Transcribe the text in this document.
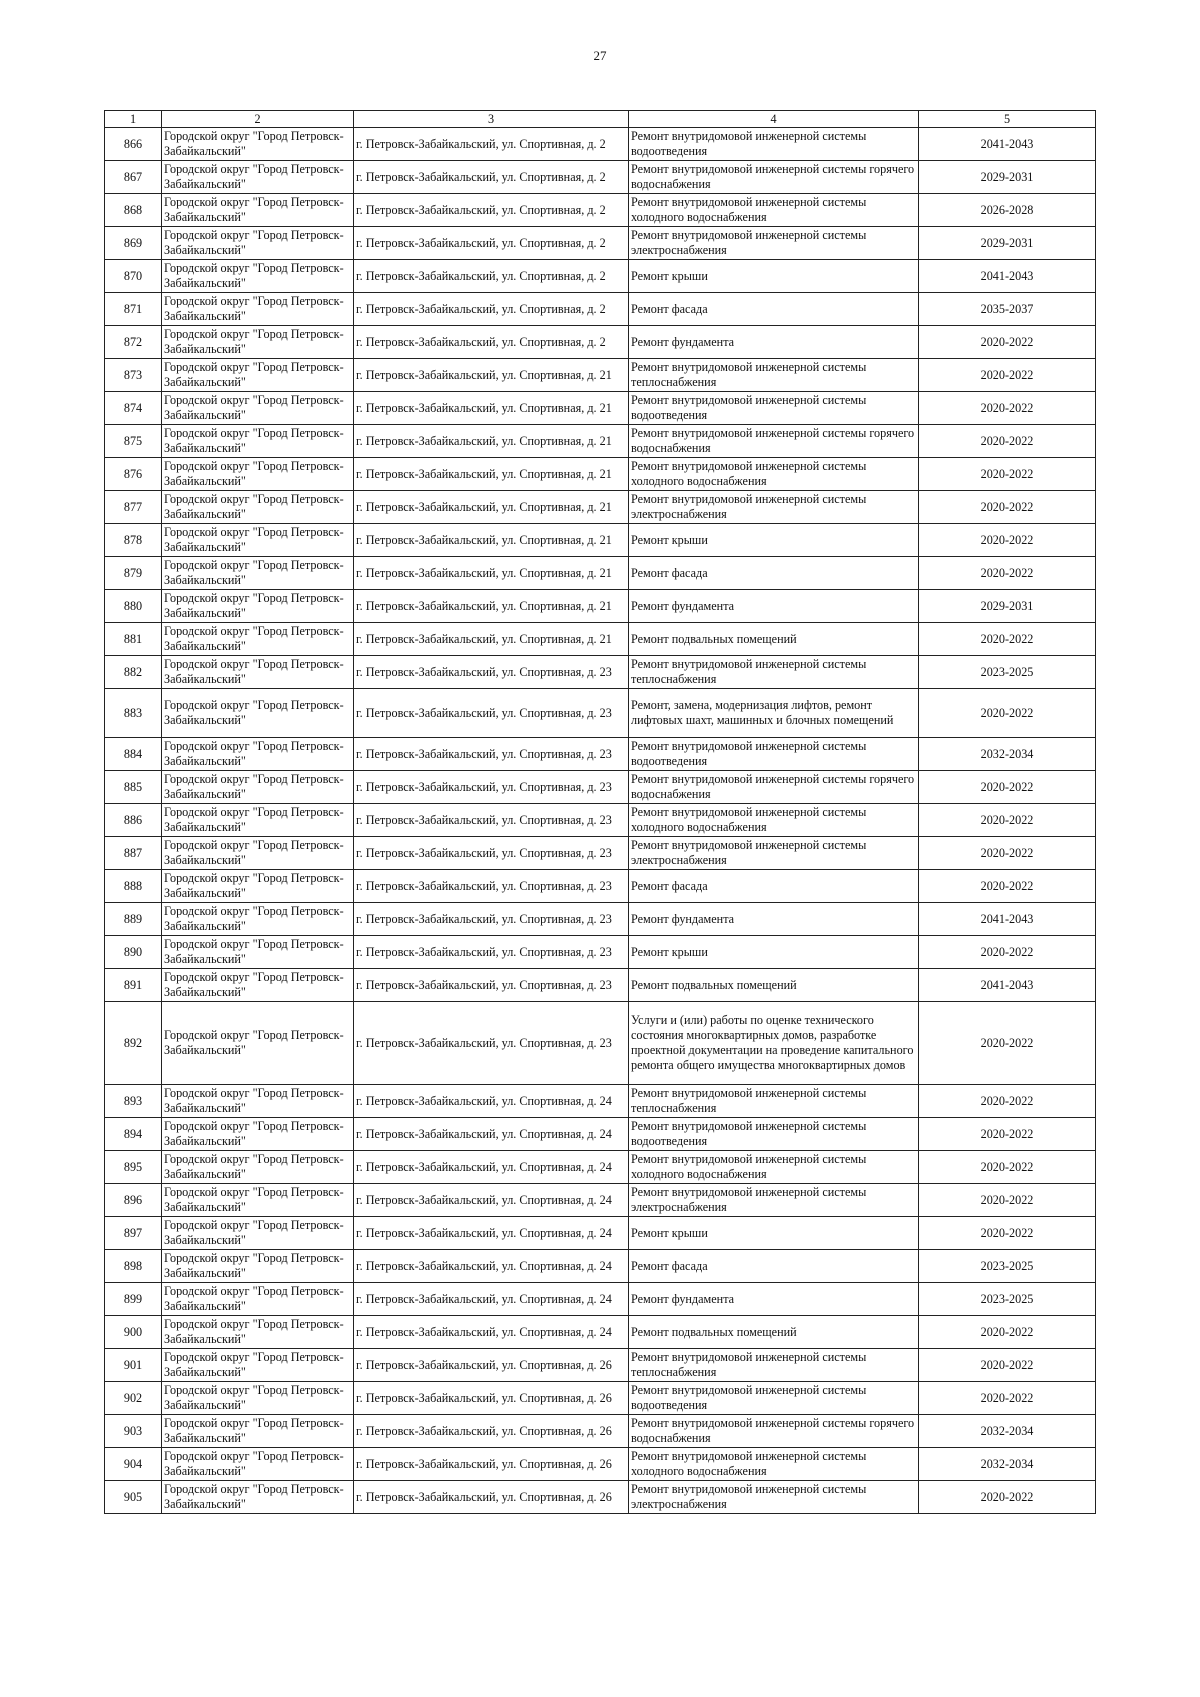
27
1	2	3	4	5
866	Городской округ "Город Петровск-Забайкальский"	г. Петровск-Забайкальский, ул. Спортивная, д. 2	Ремонт внутридомовой инженерной системы водоотведения	2041-2043
867	Городской округ "Город Петровск-Забайкальский"	г. Петровск-Забайкальский, ул. Спортивная, д. 2	Ремонт внутридомовой инженерной системы горячего водоснабжения	2029-2031
868	Городской округ "Город Петровск-Забайкальский"	г. Петровск-Забайкальский, ул. Спортивная, д. 2	Ремонт внутридомовой инженерной системы холодного водоснабжения	2026-2028
869	Городской округ "Город Петровск-Забайкальский"	г. Петровск-Забайкальский, ул. Спортивная, д. 2	Ремонт внутридомовой инженерной системы электроснабжения	2029-2031
870	Городской округ "Город Петровск-Забайкальский"	г. Петровск-Забайкальский, ул. Спортивная, д. 2	Ремонт крыши	2041-2043
871	Городской округ "Город Петровск-Забайкальский"	г. Петровск-Забайкальский, ул. Спортивная, д. 2	Ремонт фасада	2035-2037
872	Городской округ "Город Петровск-Забайкальский"	г. Петровск-Забайкальский, ул. Спортивная, д. 2	Ремонт фундамента	2020-2022
873	Городской округ "Город Петровск-Забайкальский"	г. Петровск-Забайкальский, ул. Спортивная, д. 21	Ремонт внутридомовой инженерной системы теплоснабжения	2020-2022
874	Городской округ "Город Петровск-Забайкальский"	г. Петровск-Забайкальский, ул. Спортивная, д. 21	Ремонт внутридомовой инженерной системы водоотведения	2020-2022
875	Городской округ "Город Петровск-Забайкальский"	г. Петровск-Забайкальский, ул. Спортивная, д. 21	Ремонт внутридомовой инженерной системы горячего водоснабжения	2020-2022
876	Городской округ "Город Петровск-Забайкальский"	г. Петровск-Забайкальский, ул. Спортивная, д. 21	Ремонт внутридомовой инженерной системы холодного водоснабжения	2020-2022
877	Городской округ "Город Петровск-Забайкальский"	г. Петровск-Забайкальский, ул. Спортивная, д. 21	Ремонт внутридомовой инженерной системы электроснабжения	2020-2022
878	Городской округ "Город Петровск-Забайкальский"	г. Петровск-Забайкальский, ул. Спортивная, д. 21	Ремонт крыши	2020-2022
879	Городской округ "Город Петровск-Забайкальский"	г. Петровск-Забайкальский, ул. Спортивная, д. 21	Ремонт фасада	2020-2022
880	Городской округ "Город Петровск-Забайкальский"	г. Петровск-Забайкальский, ул. Спортивная, д. 21	Ремонт фундамента	2029-2031
881	Городской округ "Город Петровск-Забайкальский"	г. Петровск-Забайкальский, ул. Спортивная, д. 21	Ремонт подвальных помещений	2020-2022
882	Городской округ "Город Петровск-Забайкальский"	г. Петровск-Забайкальский, ул. Спортивная, д. 23	Ремонт внутридомовой инженерной системы теплоснабжения	2023-2025
883	Городской округ "Город Петровск-Забайкальский"	г. Петровск-Забайкальский, ул. Спортивная, д. 23	Ремонт, замена, модернизация лифтов, ремонт лифтовых шахт, машинных и блочных помещений	2020-2022
884	Городской округ "Город Петровск-Забайкальский"	г. Петровск-Забайкальский, ул. Спортивная, д. 23	Ремонт внутридомовой инженерной системы водоотведения	2032-2034
885	Городской округ "Город Петровск-Забайкальский"	г. Петровск-Забайкальский, ул. Спортивная, д. 23	Ремонт внутридомовой инженерной системы горячего водоснабжения	2020-2022
886	Городской округ "Город Петровск-Забайкальский"	г. Петровск-Забайкальский, ул. Спортивная, д. 23	Ремонт внутридомовой инженерной системы холодного водоснабжения	2020-2022
887	Городской округ "Город Петровск-Забайкальский"	г. Петровск-Забайкальский, ул. Спортивная, д. 23	Ремонт внутридомовой инженерной системы электроснабжения	2020-2022
888	Городской округ "Город Петровск-Забайкальский"	г. Петровск-Забайкальский, ул. Спортивная, д. 23	Ремонт фасада	2020-2022
889	Городской округ "Город Петровск-Забайкальский"	г. Петровск-Забайкальский, ул. Спортивная, д. 23	Ремонт фундамента	2041-2043
890	Городской округ "Город Петровск-Забайкальский"	г. Петровск-Забайкальский, ул. Спортивная, д. 23	Ремонт крыши	2020-2022
891	Городской округ "Город Петровск-Забайкальский"	г. Петровск-Забайкальский, ул. Спортивная, д. 23	Ремонт подвальных помещений	2041-2043
892	Городской округ "Город Петровск-Забайкальский"	г. Петровск-Забайкальский, ул. Спортивная, д. 23	Услуги и (или) работы по оценке технического состояния многоквартирных домов, разработке проектной документации на проведение капитального ремонта общего имущества многоквартирных домов	2020-2022
893	Городской округ "Город Петровск-Забайкальский"	г. Петровск-Забайкальский, ул. Спортивная, д. 24	Ремонт внутридомовой инженерной системы теплоснабжения	2020-2022
894	Городской округ "Город Петровск-Забайкальский"	г. Петровск-Забайкальский, ул. Спортивная, д. 24	Ремонт внутридомовой инженерной системы водоотведения	2020-2022
895	Городской округ "Город Петровск-Забайкальский"	г. Петровск-Забайкальский, ул. Спортивная, д. 24	Ремонт внутридомовой инженерной системы холодного водоснабжения	2020-2022
896	Городской округ "Город Петровск-Забайкальский"	г. Петровск-Забайкальский, ул. Спортивная, д. 24	Ремонт внутридомовой инженерной системы электроснабжения	2020-2022
897	Городской округ "Город Петровск-Забайкальский"	г. Петровск-Забайкальский, ул. Спортивная, д. 24	Ремонт крыши	2020-2022
898	Городской округ "Город Петровск-Забайкальский"	г. Петровск-Забайкальский, ул. Спортивная, д. 24	Ремонт фасада	2023-2025
899	Городской округ "Город Петровск-Забайкальский"	г. Петровск-Забайкальский, ул. Спортивная, д. 24	Ремонт фундамента	2023-2025
900	Городской округ "Город Петровск-Забайкальский"	г. Петровск-Забайкальский, ул. Спортивная, д. 24	Ремонт подвальных помещений	2020-2022
901	Городской округ "Город Петровск-Забайкальский"	г. Петровск-Забайкальский, ул. Спортивная, д. 26	Ремонт внутридомовой инженерной системы теплоснабжения	2020-2022
902	Городской округ "Город Петровск-Забайкальский"	г. Петровск-Забайкальский, ул. Спортивная, д. 26	Ремонт внутридомовой инженерной системы водоотведения	2020-2022
903	Городской округ "Город Петровск-Забайкальский"	г. Петровск-Забайкальский, ул. Спортивная, д. 26	Ремонт внутридомовой инженерной системы горячего водоснабжения	2032-2034
904	Городской округ "Город Петровск-Забайкальский"	г. Петровск-Забайкальский, ул. Спортивная, д. 26	Ремонт внутридомовой инженерной системы холодного водоснабжения	2032-2034
905	Городской округ "Город Петровск-Забайкальский"	г. Петровск-Забайкальский, ул. Спортивная, д. 26	Ремонт внутридомовой инженерной системы электроснабжения	2020-2022
